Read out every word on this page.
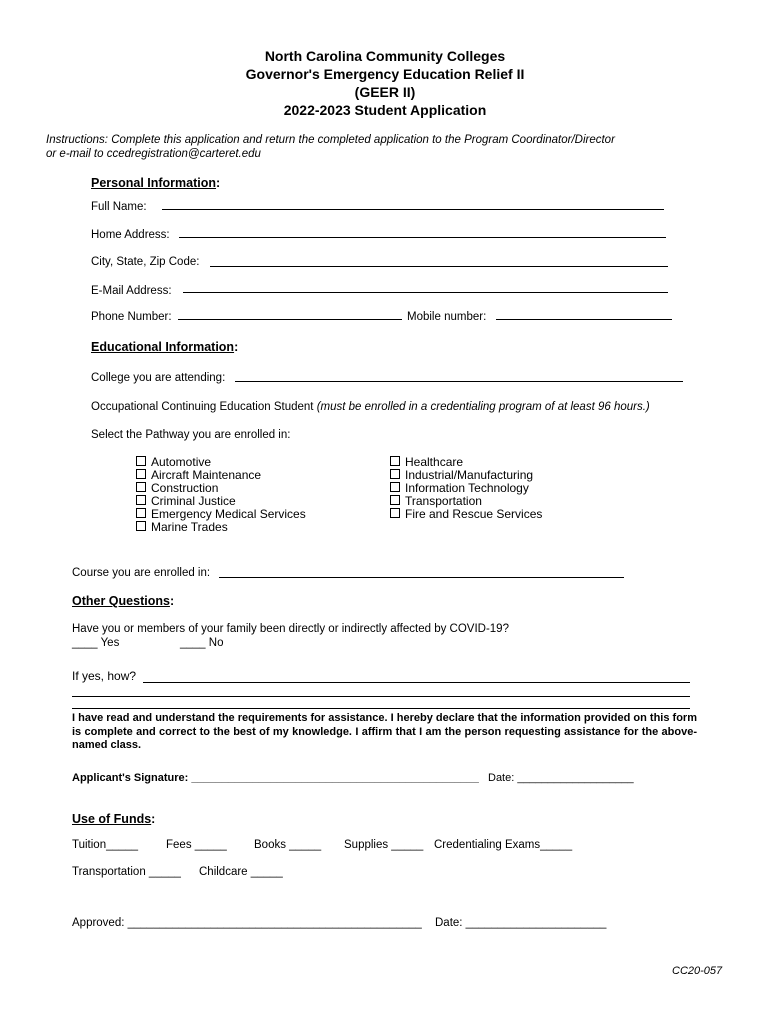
North Carolina Community Colleges
Governor's Emergency Education Relief II
(GEER II)
2022-2023 Student Application
Instructions: Complete this application and return the completed application to the Program Coordinator/Director
or e-mail to ccedregistration@carteret.edu
Personal Information:
Full Name:
Home Address:
City, State, Zip Code:
E-Mail Address:
Phone Number:	Mobile number:
Educational Information:
College you are attending:
Occupational Continuing Education Student (must be enrolled in a credentialing program of at least 96 hours.)
Select the Pathway you are enrolled in:
Automotive
Aircraft Maintenance
Construction
Criminal Justice
Emergency Medical Services
Marine Trades
Healthcare
Industrial/Manufacturing
Information Technology
Transportation
Fire and Rescue Services
Course you are enrolled in:
Other Questions:
Have you or members of your family been directly or indirectly affected by COVID-19?
____ Yes	____ No
If yes, how?
I have read and understand the requirements for assistance. I hereby declare that the information provided on this form is complete and correct to the best of my knowledge. I affirm that I am the person requesting assistance for the above-named class.
Applicant's Signature: _______________________________________________ Date: ___________________
Use of Funds:
Tuition_____ Fees _____ Books _____ Supplies _____ Credentialing Exams_____
Transportation _____ Childcare _____
Approved: ______________________________________________ Date: ______________________
CC20-057
